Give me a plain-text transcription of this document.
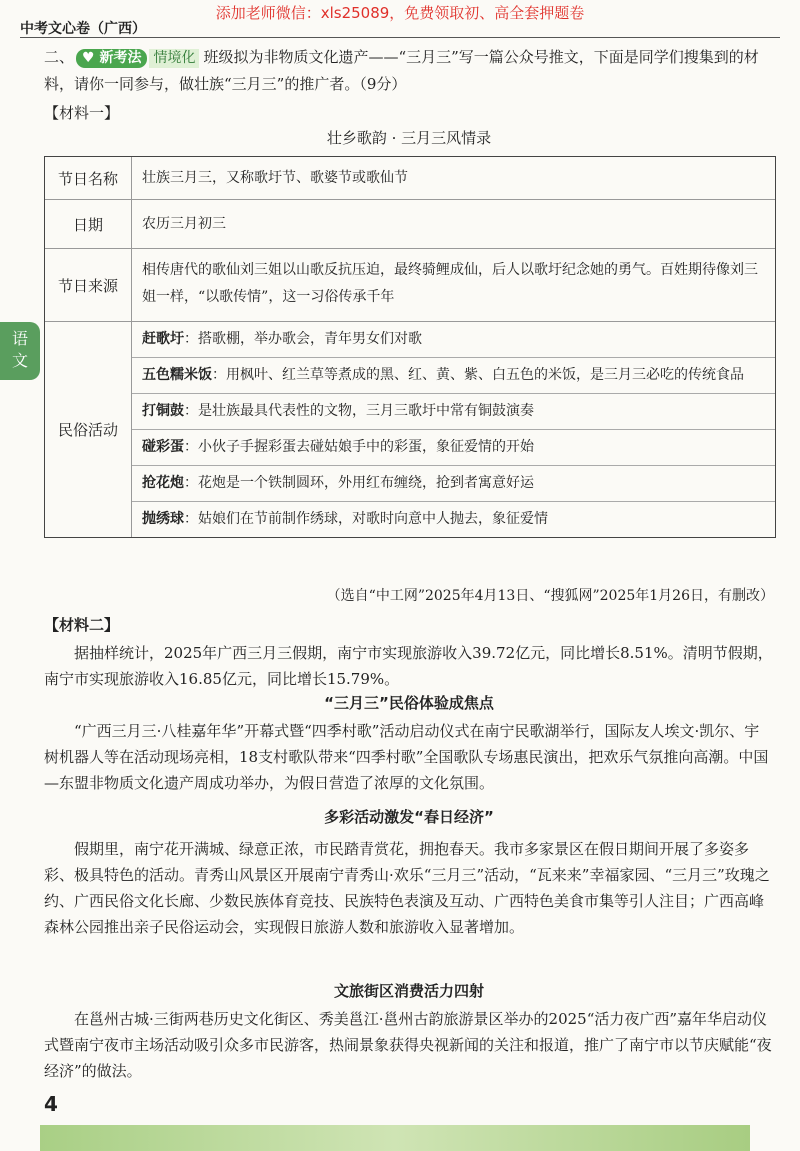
添加老师微信：xls25089，免费领取初、高全套押题卷
中考文心卷（广西）
二、 ♥ 新考法 情境化 班级拟为非物质文化遗产——“三月三”写一篇公众号推文，下面是同学们搜集到的材料，请你一同参与，做壮族“三月三”的推广者。（9分）
【材料一】
壮乡歌韵 · 三月三风情录
节日名称	壮族三月三，又称歌圩节、歌婆节或歌仙节
日期	农历三月初三
节日来源
相传唐代的歌仙刘三姐以山歌反抗压迫，最终骑鲤成仙，后人以歌圩纪念她的勇气。百姓期待像刘三姐一样，“以歌传情”，这一习俗传承千年
民俗活动
赶歌圩：搭歌棚，举办歌会，青年男女们对歌
五色糯米饭：用枫叶、红兰草等煮成的黑、红、黄、紫、白五色的米饭，是三月三必吃的传统食品
打铜鼓：是壮族最具代表性的文物，三月三歌圩中常有铜鼓演奏
碰彩蛋：小伙子手握彩蛋去碰姑娘手中的彩蛋，象征爱情的开始
抢花炮：花炮是一个铁制圆环，外用红布缠绕，抢到者寓意好运
抛绣球：姑娘们在节前制作绣球，对歌时向意中人抛去，象征爱情
（选自“中工网”2025年4月13日、“搜狐网”2025年1月26日，有删改）
【材料二】
据抽样统计，2025年广西三月三假期，南宁市实现旅游收入39.72亿元，同比增长8.51%。清明节假期，南宁市实现旅游收入16.85亿元，同比增长15.79%。
“三月三”民俗体验成焦点
“广西三月三·八桂嘉年华”开幕式暨“四季村歌”活动启动仪式在南宁民歌湖举行，国际友人埃文·凯尔、宇树机器人等在活动现场亮相，18支村歌队带来“四季村歌”全国歌队专场惠民演出，把欢乐气氛推向高潮。中国—东盟非物质文化遗产周成功举办，为假日营造了浓厚的文化氛围。
多彩活动激发“春日经济”
假期里，南宁花开满城、绿意正浓，市民踏青赏花，拥抱春天。我市多家景区在假日期间开展了多姿多彩、极具特色的活动。青秀山风景区开展南宁青秀山·欢乐“三月三”活动，“瓦来来”幸福家园、“三月三”玫瑰之约、广西民俗文化长廊、少数民族体育竞技、民族特色表演及互动、广西特色美食市集等引人注目；广西高峰森林公园推出亲子民俗运动会，实现假日旅游人数和旅游收入显著增加。
文旅街区消费活力四射
在邕州古城·三街两巷历史文化街区、秀美邕江·邕州古韵旅游景区举办的2025“活力夜广西”嘉年华启动仪式暨南宁夜市主场活动吸引众多市民游客，热闹景象获得央视新闻的关注和报道，推广了南宁市以节庆赋能“夜经济”的做法。
语
文
4
